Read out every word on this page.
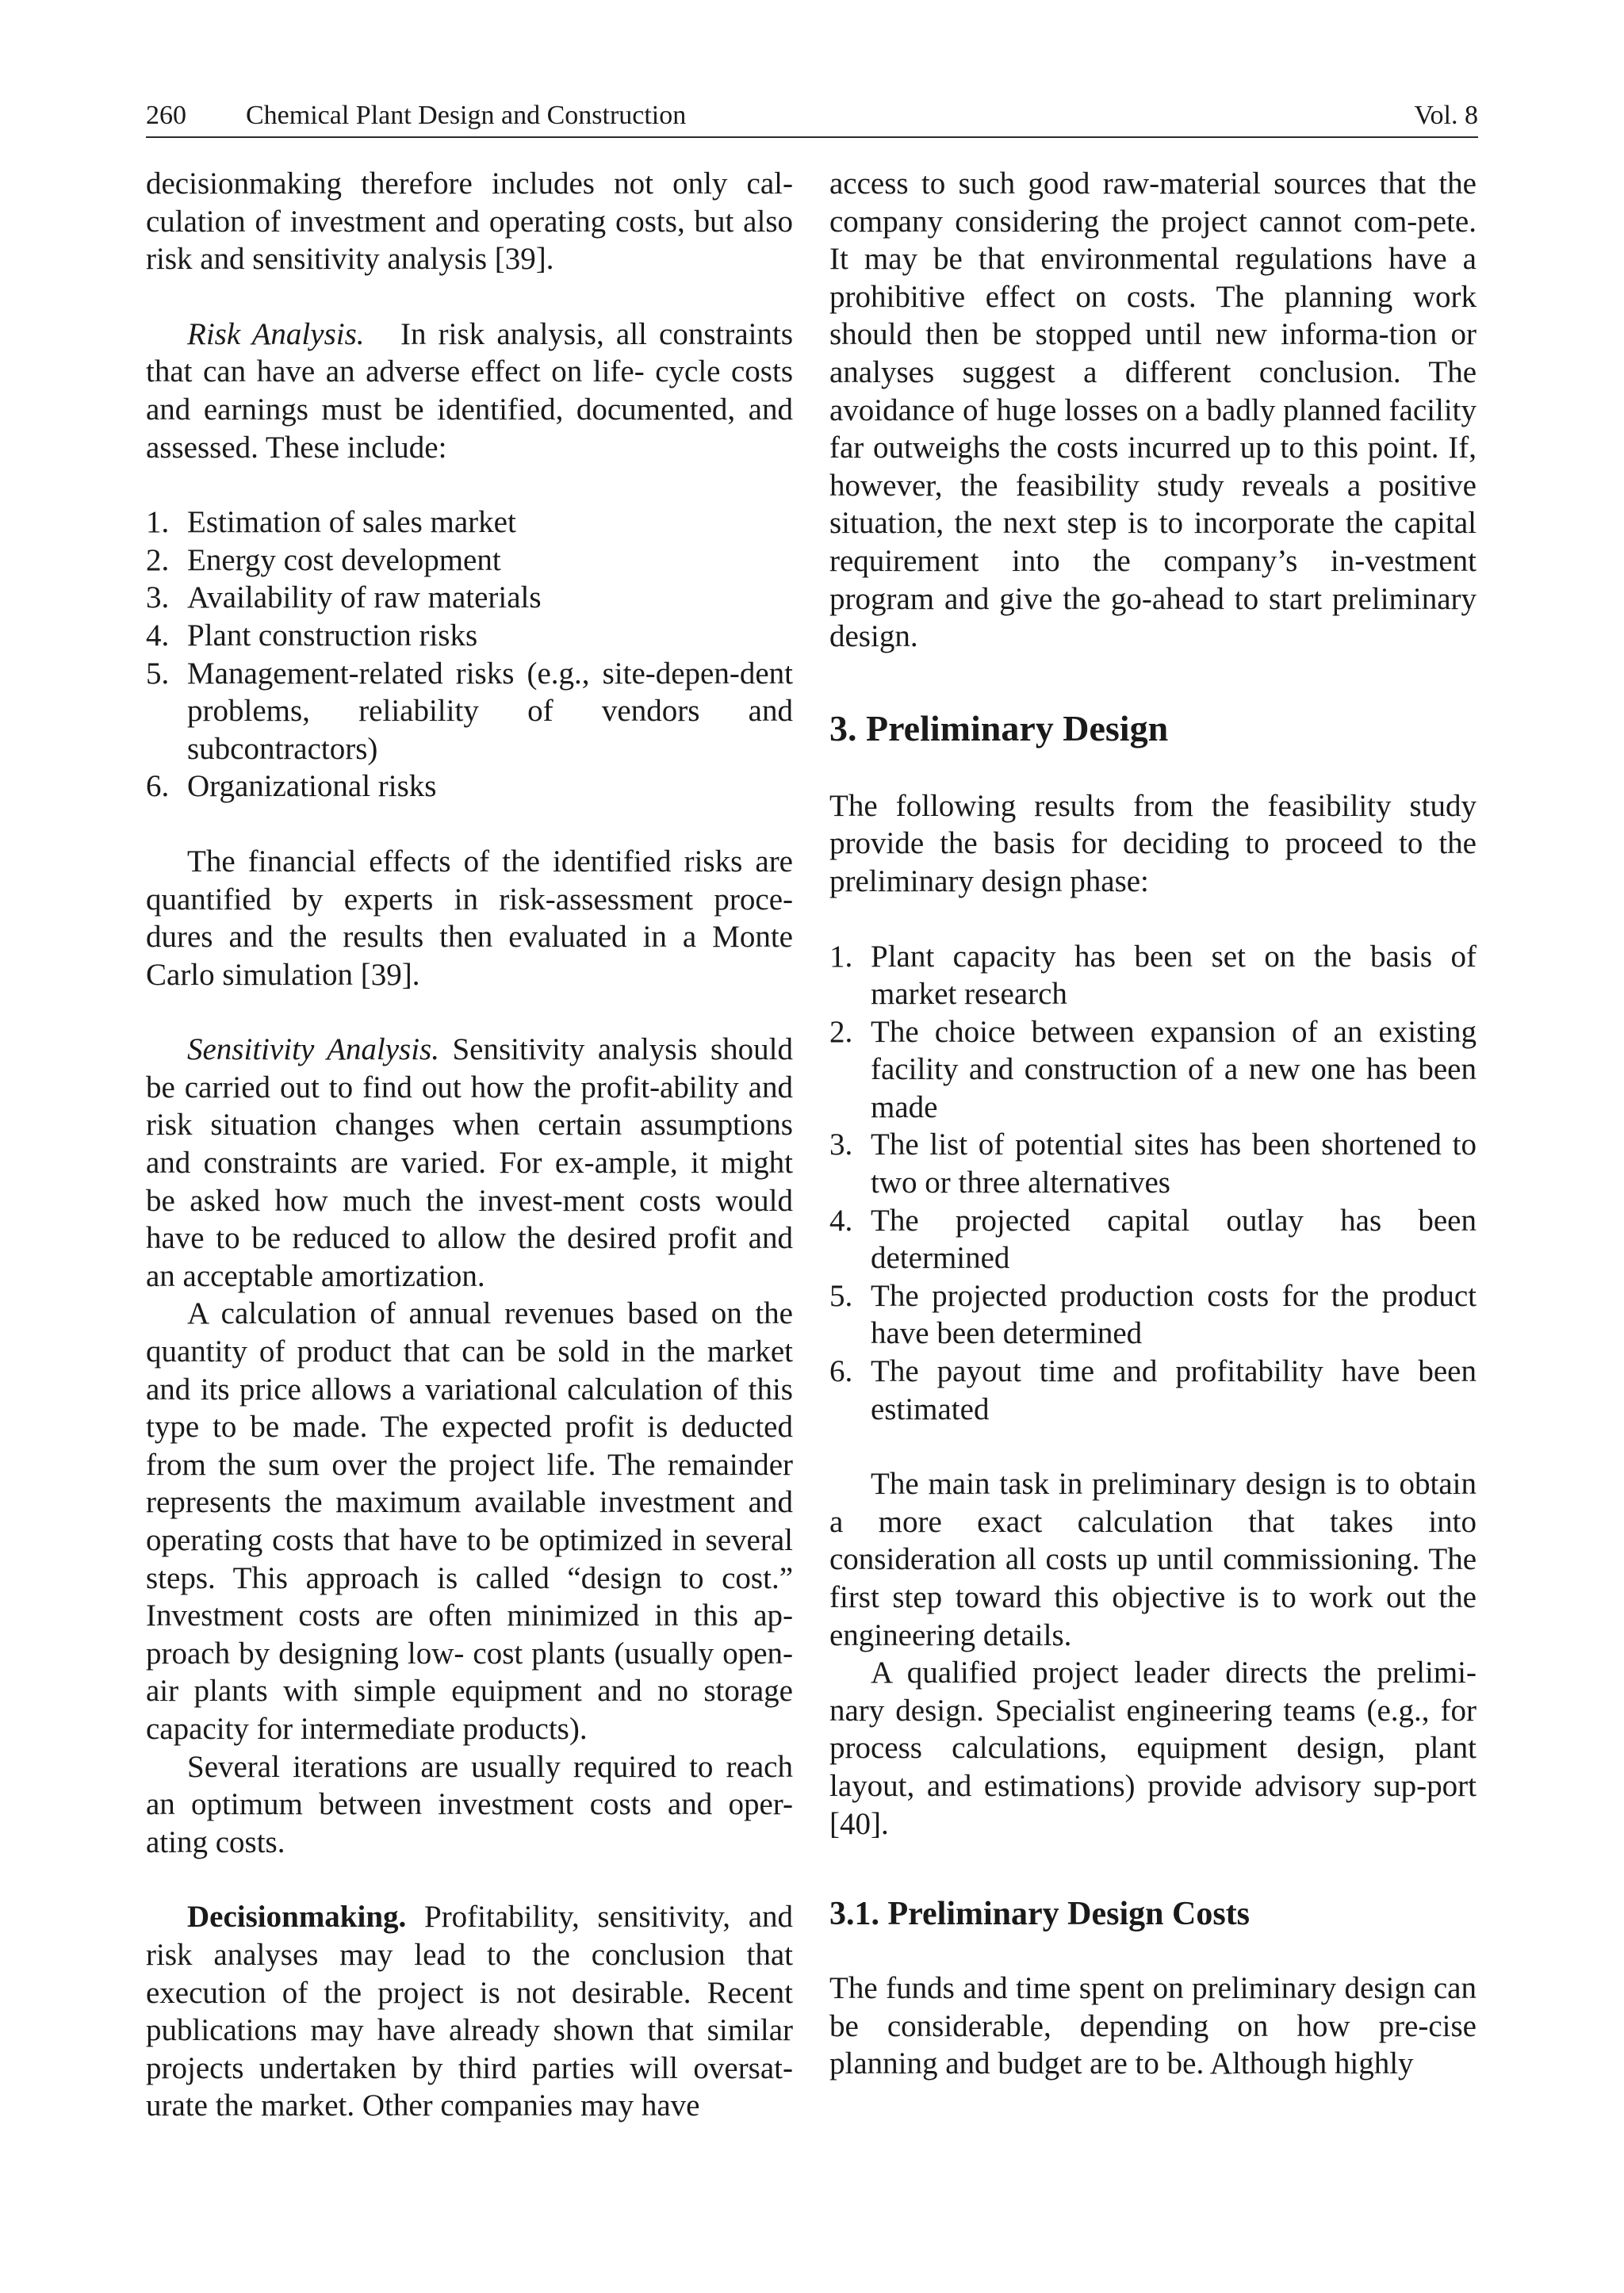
260 Chemical Plant Design and Construction	Vol. 8

decisionmaking therefore includes not only cal-culation of investment and operating costs, but also risk and sensitivity analysis [39].

Risk Analysis. In risk analysis, all constraints that can have an adverse effect on life- cycle costs and earnings must be identified, documented, and assessed. These include:

1. Estimation of sales market
2. Energy cost development
3. Availability of raw materials
4. Plant construction risks
5. Management-related risks (e.g., site-depen-dent problems, reliability of vendors and subcontractors)
6. Organizational risks

The financial effects of the identified risks are quantified by experts in risk-assessment proce-dures and the results then evaluated in a Monte Carlo simulation [39].

Sensitivity Analysis. Sensitivity analysis should be carried out to find out how the profit-ability and risk situation changes when certain assumptions and constraints are varied. For ex-ample, it might be asked how much the invest-ment costs would have to be reduced to allow the desired profit and an acceptable amortization.

A calculation of annual revenues based on the quantity of product that can be sold in the market and its price allows a variational calculation of this type to be made. The expected profit is deducted from the sum over the project life. The remainder represents the maximum available investment and operating costs that have to be optimized in several steps. This approach is called “design to cost.” Investment costs are often minimized in this ap-proach by designing low- cost plants (usually open-air plants with simple equipment and no storage capacity for intermediate products).

Several iterations are usually required to reach an optimum between investment costs and oper-ating costs.

Decisionmaking. Profitability, sensitivity, and risk analyses may lead to the conclusion that execution of the project is not desirable. Recent publications may have already shown that similar projects undertaken by third parties will oversat-urate the market. Other companies may have

access to such good raw-material sources that the company considering the project cannot com-pete. It may be that environmental regulations have a prohibitive effect on costs. The planning work should then be stopped until new informa-tion or analyses suggest a different conclusion. The avoidance of huge losses on a badly planned facility far outweighs the costs incurred up to this point. If, however, the feasibility study reveals a positive situation, the next step is to incorporate the capital requirement into the company’s in-vestment program and give the go-ahead to start preliminary design.

3. Preliminary Design

The following results from the feasibility study provide the basis for deciding to proceed to the preliminary design phase:

1. Plant capacity has been set on the basis of market research
2. The choice between expansion of an existing facility and construction of a new one has been made
3. The list of potential sites has been shortened to two or three alternatives
4. The projected capital outlay has been determined
5. The projected production costs for the product have been determined
6. The payout time and profitability have been estimated

The main task in preliminary design is to obtain a more exact calculation that takes into consideration all costs up until commissioning. The first step toward this objective is to work out the engineering details.

A qualified project leader directs the prelimi-nary design. Specialist engineering teams (e.g., for process calculations, equipment design, plant layout, and estimations) provide advisory sup-port [40].

3.1. Preliminary Design Costs

The funds and time spent on preliminary design can be considerable, depending on how pre-cise planning and budget are to be. Although highly
